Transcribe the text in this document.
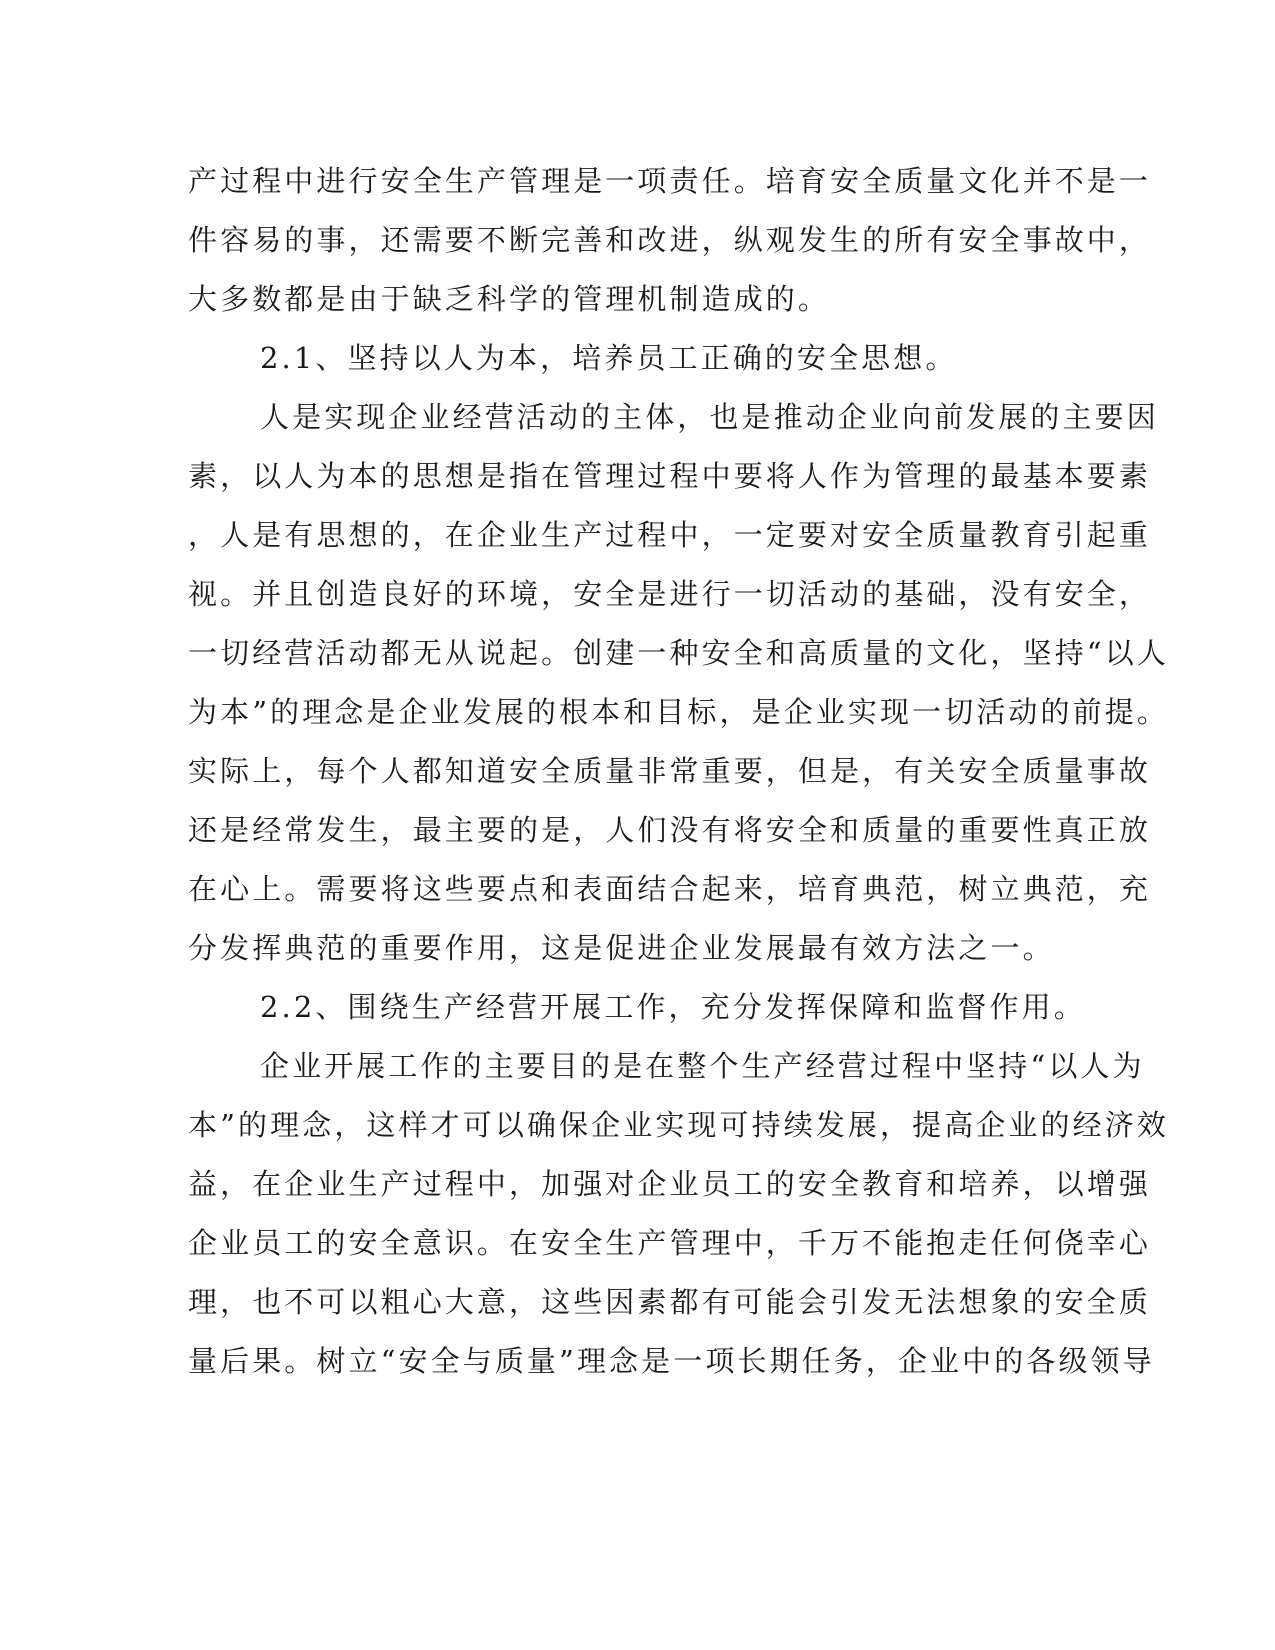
产过程中进行安全生产管理是一项责任。培育安全质量文化并不是一
件容易的事，还需要不断完善和改进，纵观发生的所有安全事故中，
大多数都是由于缺乏科学的管理机制造成的。
2.1、坚持以人为本，培养员工正确的安全思想。
人是实现企业经营活动的主体，也是推动企业向前发展的主要因
素，以人为本的思想是指在管理过程中要将人作为管理的最基本要素
，人是有思想的，在企业生产过程中，一定要对安全质量教育引起重
视。并且创造良好的环境，安全是进行一切活动的基础，没有安全，
一切经营活动都无从说起。创建一种安全和高质量的文化，坚持“以人
为本”的理念是企业发展的根本和目标，是企业实现一切活动的前提。
实际上，每个人都知道安全质量非常重要，但是，有关安全质量事故
还是经常发生，最主要的是，人们没有将安全和质量的重要性真正放
在心上。需要将这些要点和表面结合起来，培育典范，树立典范，充
分发挥典范的重要作用，这是促进企业发展最有效方法之一。
2.2、围绕生产经营开展工作，充分发挥保障和监督作用。
企业开展工作的主要目的是在整个生产经营过程中坚持“以人为
本”的理念，这样才可以确保企业实现可持续发展，提高企业的经济效
益，在企业生产过程中，加强对企业员工的安全教育和培养，以增强
企业员工的安全意识。在安全生产管理中，千万不能抱走任何侥幸心
理，也不可以粗心大意，这些因素都有可能会引发无法想象的安全质
量后果。树立“安全与质量”理念是一项长期任务，企业中的各级领导
